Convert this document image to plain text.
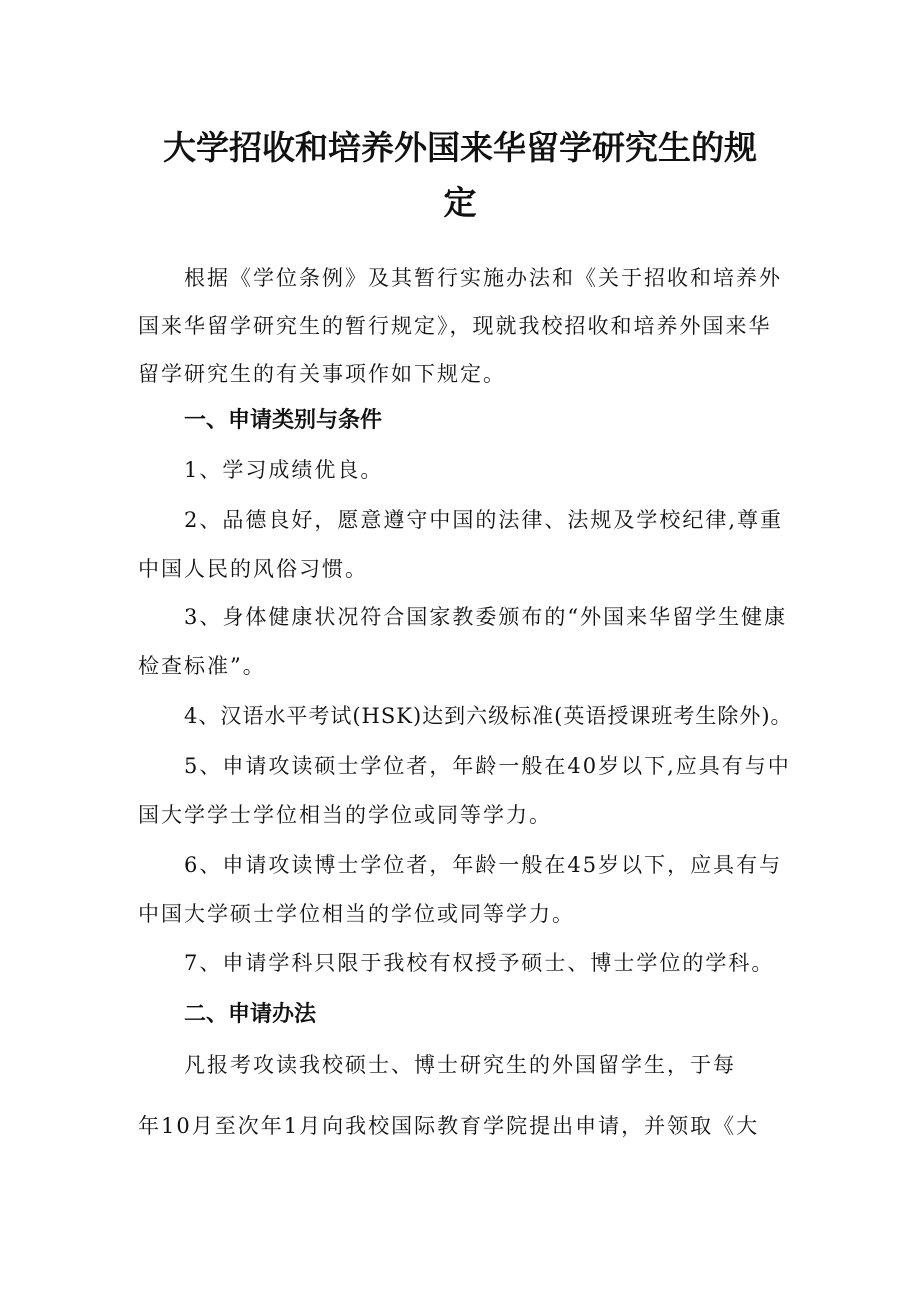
大学招收和培养外国来华留学研究生的规
定
根据《学位条例》及其暂行实施办法和《关于招收和培养外
国来华留学研究生的暂行规定》，现就我校招收和培养外国来华
留学研究生的有关事项作如下规定。
一、申请类别与条件
1、学习成绩优良。
2、品德良好，愿意遵守中国的法律、法规及学校纪律,尊重
中国人民的风俗习惯。
3、身体健康状况符合国家教委颁布的“外国来华留学生健康
检查标准”。
4、汉语水平考试(HSK)达到六级标准(英语授课班考生除外)。
5、申请攻读硕士学位者，年龄一般在40岁以下,应具有与中
国大学学士学位相当的学位或同等学力。
6、申请攻读博士学位者，年龄一般在45岁以下，应具有与
中国大学硕士学位相当的学位或同等学力。
7、申请学科只限于我校有权授予硕士、博士学位的学科。
二、申请办法
凡报考攻读我校硕士、博士研究生的外国留学生，于每
年10月至次年1月向我校国际教育学院提出申请，并领取《大
